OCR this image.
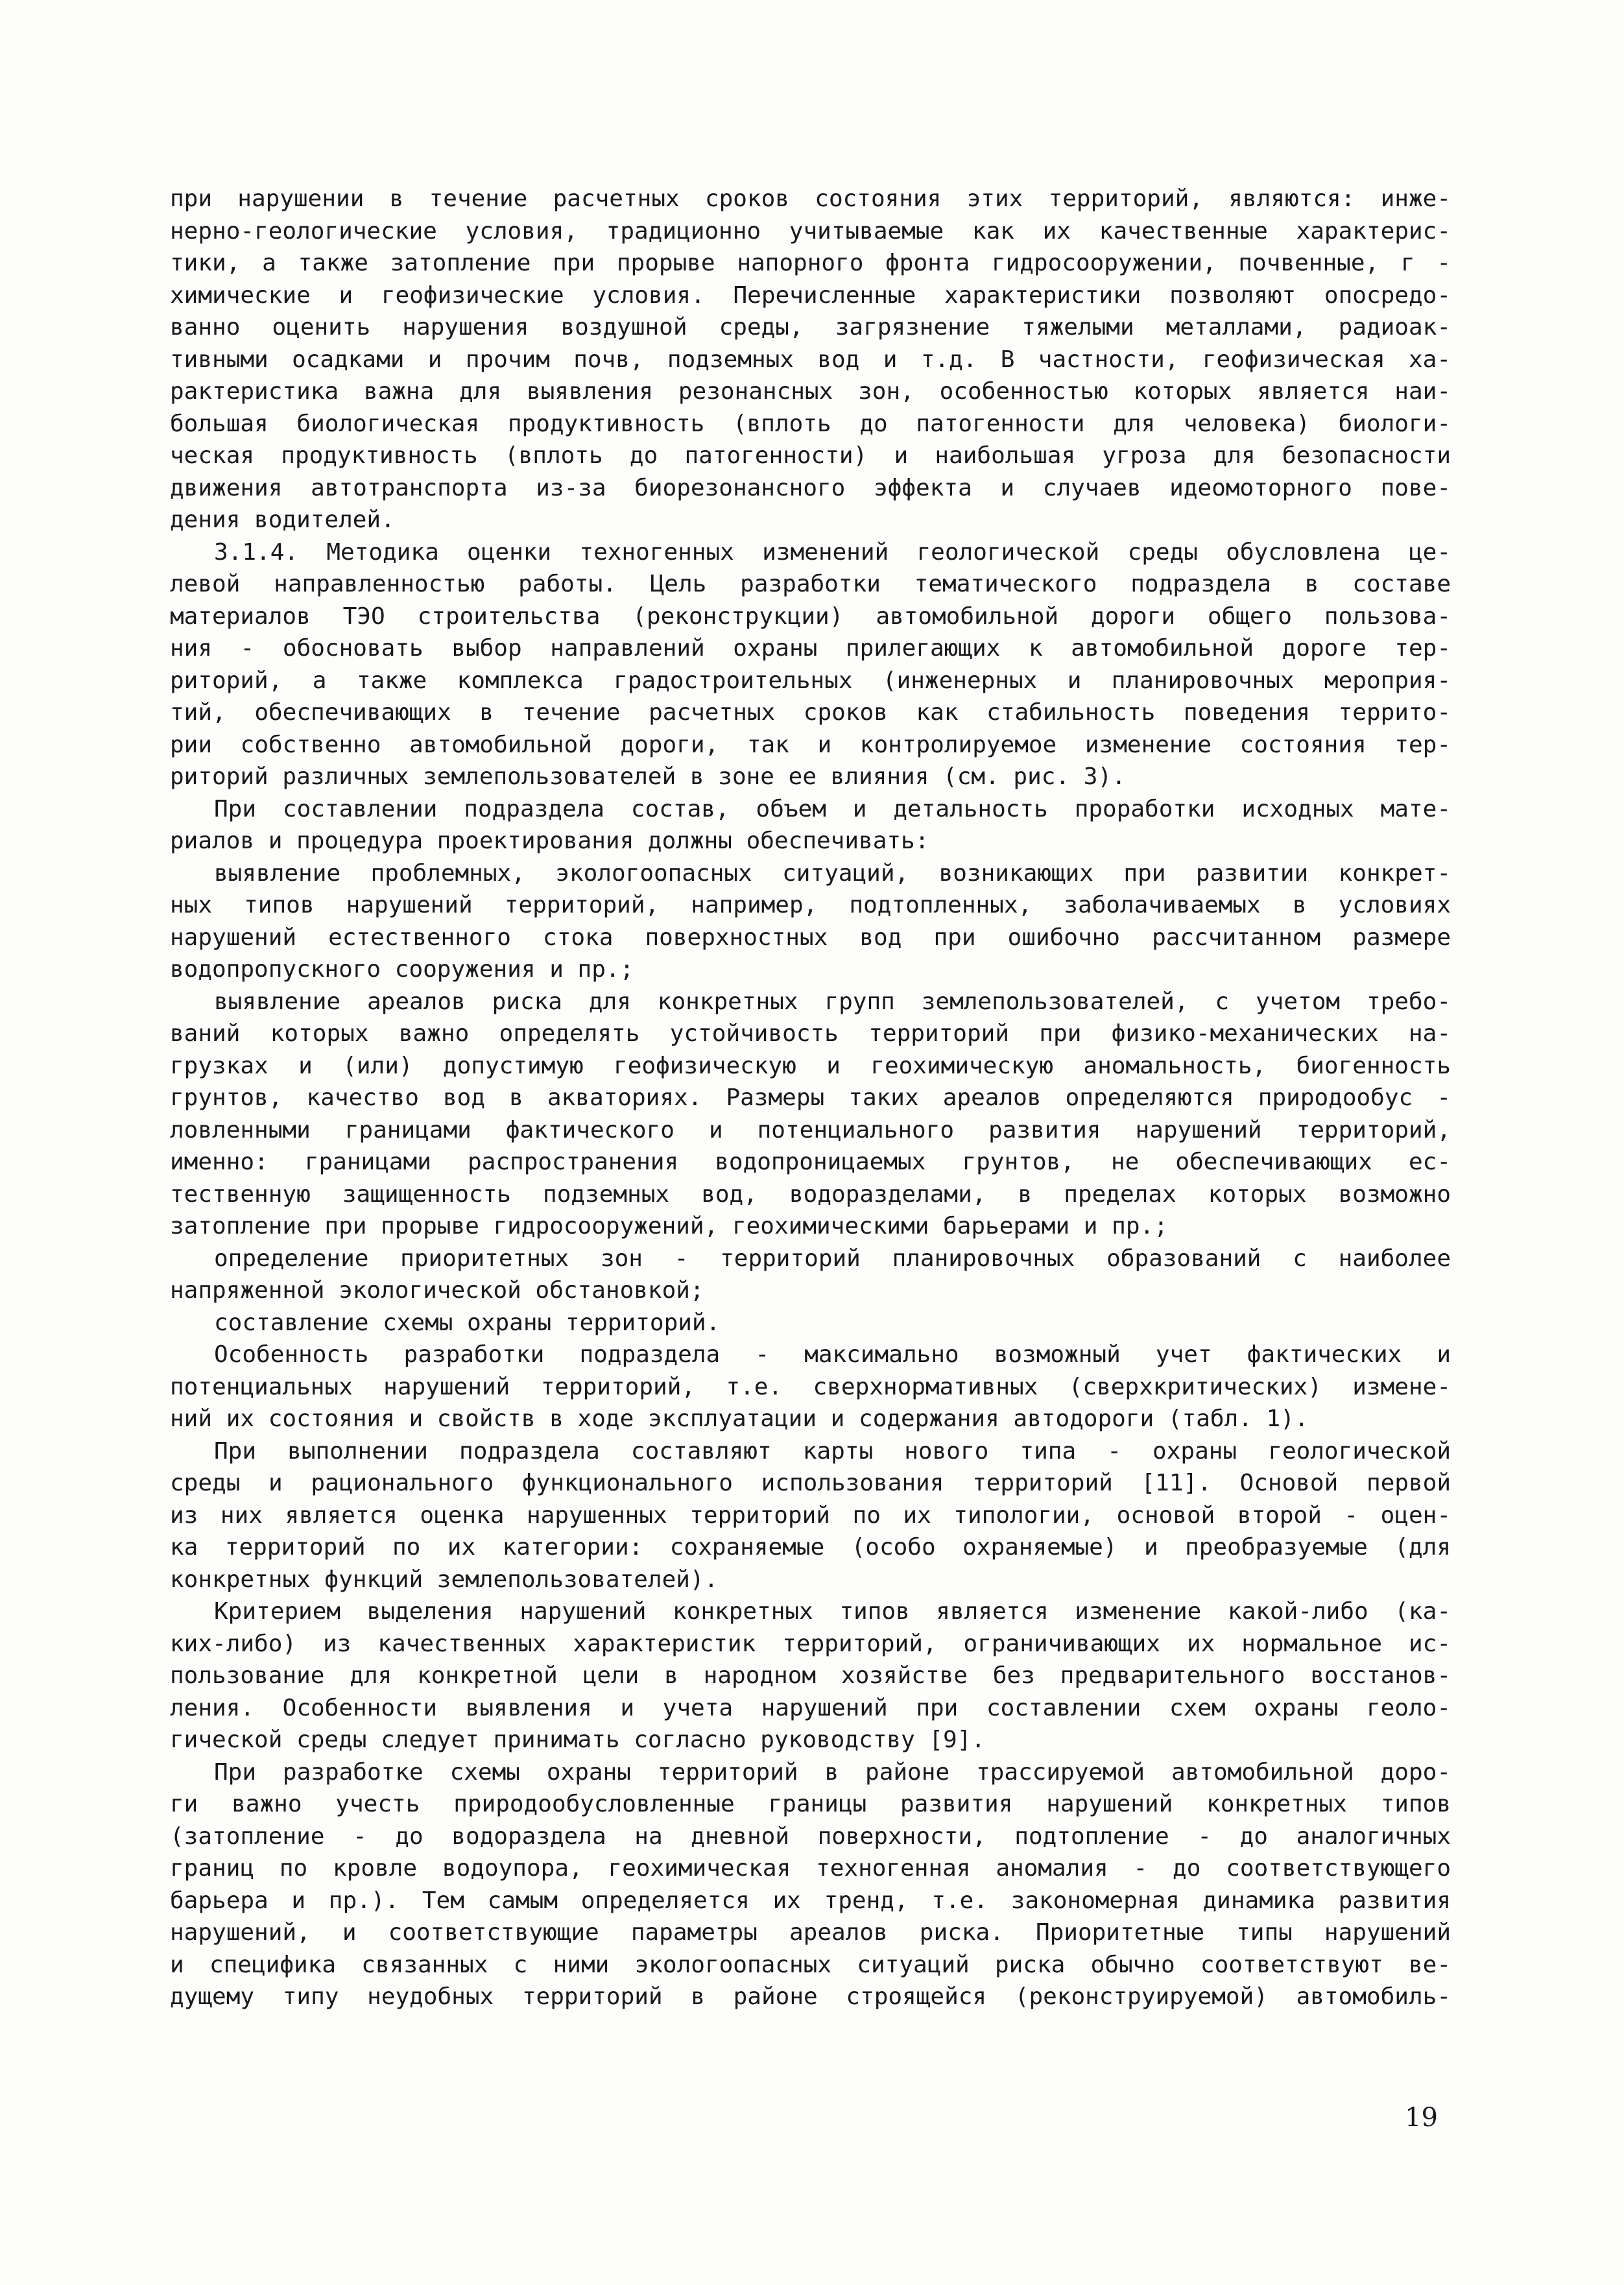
при нарушении в течение расчетных сроков состояния этих территорий, являются: инже-
нерно-геологические условия, традиционно учитываемые как их качественные характерис-
тики, а также затопление при прорыве напорного фронта гидросооружении, почвенные, г -
химические и геофизические условия. Перечисленные характеристики позволяют опосредо-
ванно оценить нарушения воздушной среды, загрязнение тяжелыми металлами, радиоак-
тивными осадками и прочим почв, подземных вод и т.д. В частности, геофизическая ха-
рактеристика важна для выявления резонансных зон, особенностью которых является наи-
большая биологическая продуктивность (вплоть до патогенности для человека) биологи-
ческая продуктивность (вплоть до патогенности) и наибольшая угроза для безопасности
движения автотранспорта из-за биорезонансного эффекта и случаев идеомоторного пове-
дения водителей.
3.1.4. Методика оценки техногенных изменений геологической среды обусловлена це-
левой направленностью работы. Цель разработки тематического подраздела в составе
материалов ТЭО строительства (реконструкции) автомобильной дороги общего пользова-
ния - обосновать выбор направлений охраны прилегающих к автомобильной дороге тер-
риторий, а также комплекса градостроительных (инженерных и планировочных мероприя-
тий, обеспечивающих в течение расчетных сроков как стабильность поведения террито-
рии собственно автомобильной дороги, так и контролируемое изменение состояния тер-
риторий различных землепользователей в зоне ее влияния (см. рис. 3).
При составлении подраздела состав, объем и детальность проработки исходных мате-
риалов и процедура проектирования должны обеспечивать:
выявление проблемных, экологоопасных ситуаций, возникающих при развитии конкрет-
ных типов нарушений территорий, например, подтопленных, заболачиваемых в условиях
нарушений естественного стока поверхностных вод при ошибочно рассчитанном размере
водопропускного сооружения и пр.;
выявление ареалов риска для конкретных групп землепользователей, с учетом требо-
ваний которых важно определять устойчивость территорий при физико-механических на-
грузках и (или) допустимую геофизическую и геохимическую аномальность, биогенность
грунтов, качество вод в акваториях. Размеры таких ареалов определяются природообус -
ловленными границами фактического и потенциального развития нарушений территорий,
именно: границами распространения водопроницаемых грунтов, не обеспечивающих ес-
тественную защищенность подземных вод, водоразделами, в пределах которых возможно
затопление при прорыве гидросооружений, геохимическими барьерами и пр.;
определение приоритетных зон - территорий планировочных образований с наиболее
напряженной экологической обстановкой;
составление схемы охраны территорий.
Особенность разработки подраздела - максимально возможный учет фактических и
потенциальных нарушений территорий, т.е. сверхнормативных (сверхкритических) измене-
ний их состояния и свойств в ходе эксплуатации и содержания автодороги (табл. 1).
При выполнении подраздела составляют карты нового типа - охраны геологической
среды и рационального функционального использования территорий [11]. Основой первой
из них является оценка нарушенных территорий по их типологии, основой второй - оцен-
ка территорий по их категории: сохраняемые (особо охраняемые) и преобразуемые (для
конкретных функций землепользователей).
Критерием выделения нарушений конкретных типов является изменение какой-либо (ка-
ких-либо) из качественных характеристик территорий, ограничивающих их нормальное ис-
пользование для конкретной цели в народном хозяйстве без предварительного восстанов-
ления. Особенности выявления и учета нарушений при составлении схем охраны геоло-
гической среды следует принимать согласно руководству [9].
При разработке схемы охраны территорий в районе трассируемой автомобильной доро-
ги важно учесть природообусловленные границы развития нарушений конкретных типов
(затопление - до водораздела на дневной поверхности, подтопление - до аналогичных
границ по кровле водоупора, геохимическая техногенная аномалия - до соответствующего
барьера и пр.). Тем самым определяется их тренд, т.е. закономерная динамика развития
нарушений, и соответствующие параметры ареалов риска. Приоритетные типы нарушений
и специфика связанных с ними экологоопасных ситуаций риска обычно соответствуют ве-
дущему типу неудобных территорий в районе строящейся (реконструируемой) автомобиль-
19
